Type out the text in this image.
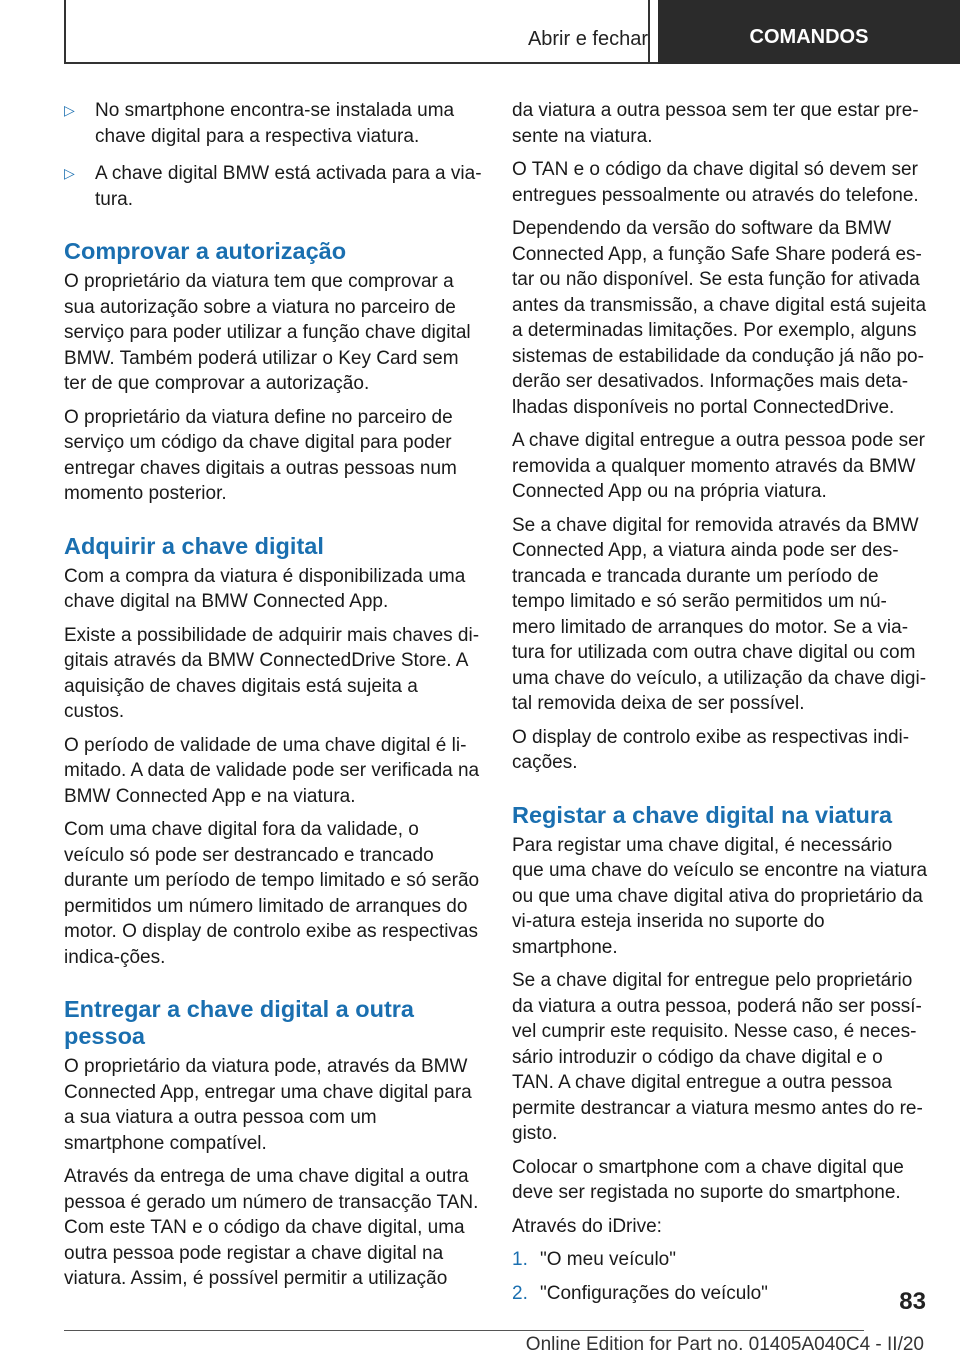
Abrir e fechar	COMANDOS
▷	No smartphone encontra-se instalada uma chave digital para a respectiva viatura.
▷	A chave digital BMW está activada para a via-tura.
Comprovar a autorização

O proprietário da viatura tem que comprovar a sua autorização sobre a viatura no parceiro de serviço para poder utilizar a função chave digital BMW. Também poderá utilizar o Key Card sem ter de que comprovar a autorização.

O proprietário da viatura define no parceiro de serviço um código da chave digital para poder entregar chaves digitais a outras pessoas num momento posterior.

Adquirir a chave digital

Com a compra da viatura é disponibilizada uma chave digital na BMW Connected App.

Existe a possibilidade de adquirir mais chaves di-gitais através da BMW ConnectedDrive Store. A aquisição de chaves digitais está sujeita a custos.

O período de validade de uma chave digital é li-mitado. A data de validade pode ser verificada na BMW Connected App e na viatura.

Com uma chave digital fora da validade, o veículo só pode ser destrancado e trancado durante um período de tempo limitado e só serão permitidos um número limitado de arranques do motor. O display de controlo exibe as respectivas indica-ções.

Entregar a chave digital a outra pessoa

O proprietário da viatura pode, através da BMW Connected App, entregar uma chave digital para a sua viatura a outra pessoa com um smartphone compatível.

Através da entrega de uma chave digital a outra pessoa é gerado um número de transacção TAN. Com este TAN e o código da chave digital, uma outra pessoa pode registar a chave digital na viatura. Assim, é possível permitir a utilização

da viatura a outra pessoa sem ter que estar pre-sente na viatura.

O TAN e o código da chave digital só devem ser entregues pessoalmente ou através do telefone.

Dependendo da versão do software da BMW Connected App, a função Safe Share poderá es-tar ou não disponível. Se esta função for ativada antes da transmissão, a chave digital está sujeita a determinadas limitações. Por exemplo, alguns sistemas de estabilidade da condução já não po-derão ser desativados. Informações mais deta-lhadas disponíveis no portal ConnectedDrive.

A chave digital entregue a outra pessoa pode ser removida a qualquer momento através da BMW Connected App ou na própria viatura.

Se a chave digital for removida através da BMW Connected App, a viatura ainda pode ser des-trancada e trancada durante um período de tempo limitado e só serão permitidos um nú-mero limitado de arranques do motor. Se a via-tura for utilizada com outra chave digital ou com uma chave do veículo, a utilização da chave digi-tal removida deixa de ser possível.

O display de controlo exibe as respectivas indi-cações.

Registar a chave digital na viatura

Para registar uma chave digital, é necessário que uma chave do veículo se encontre na viatura ou que uma chave digital ativa do proprietário da vi-atura esteja inserida no suporte do smartphone.

Se a chave digital for entregue pelo proprietário da viatura a outra pessoa, poderá não ser possí-vel cumprir este requisito. Nesse caso, é neces-sário introduzir o código da chave digital e o TAN. A chave digital entregue a outra pessoa permite destrancar a viatura mesmo antes do re-gisto.

Colocar o smartphone com a chave digital que deve ser registada no suporte do smartphone.

Através do iDrive:

1. "O meu veículo"
2. "Configurações do veículo"	83
Online Edition for Part no. 01405A040C4 - II/20
